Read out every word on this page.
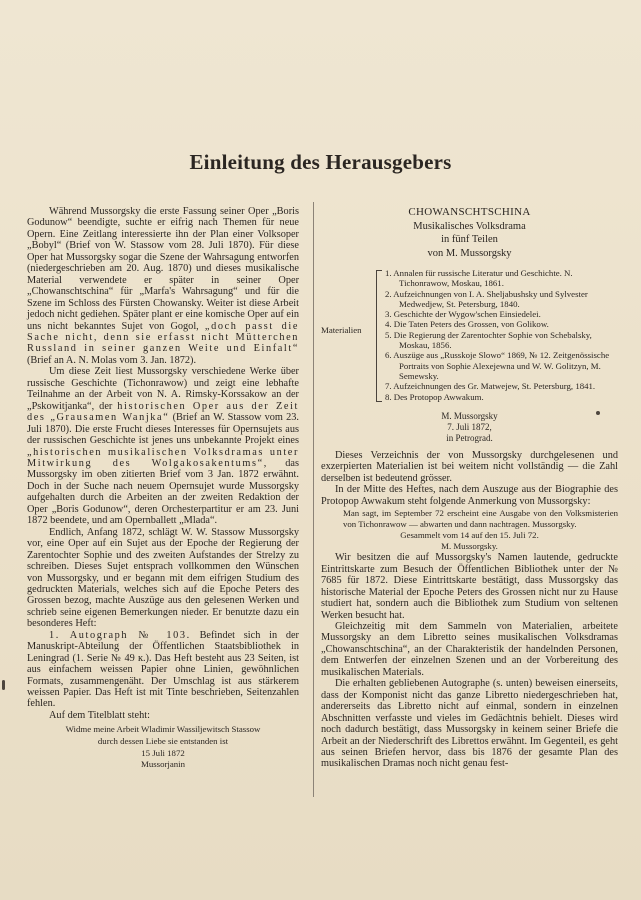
Einleitung des Herausgebers

Während Mussorgsky die erste Fassung seiner Oper „Boris Godunow“ beendigte, suchte er eifrig nach Themen für neue Opern. Eine Zeitlang interessierte ihn der Plan einer Volksoper „Bobyl“ (Brief von W. Stassow vom 28. Juli 1870). Für diese Oper hat Mussorgsky sogar die Szene der Wahrsagung entworfen (niedergeschrieben am 20. Aug. 1870) und dieses musikalische Material verwendete er später in seiner Oper „Chowanschtschina“ für „Marfa's Wahrsagung“ und für die Szene im Schloss des Fürsten Chowansky. Weiter ist diese Arbeit jedoch nicht gediehen. Später plant er eine komische Oper auf ein uns nicht bekanntes Sujet von Gogol, „doch passt die Sache nicht, denn sie erfasst nicht Mütterchen Russland in seiner ganzen Weite und Einfalt“ (Brief an A. N. Molas vom 3. Jan. 1872).

Um diese Zeit liest Mussorgsky verschiedene Werke über russische Geschichte (Tichonrawow) und zeigt eine lebhafte Teilnahme an der Arbeit von N. A. Rimsky-Korssakow an der „Pskowitjanka“, der historischen Oper aus der Zeit des „Grausamen Wanjka“ (Brief an W. Stassow vom 23. Juli 1870). Die erste Frucht dieses Interesses für Opernsujets aus der russischen Geschichte ist jenes uns unbekannte Projekt eines „historischen musikalischen Volksdramas unter Mitwirkung des Wolgakosakentums“, das Mussorgsky im oben zitierten Brief vom 3 Jan. 1872 erwähnt. Doch in der Suche nach neuem Opernsujet wurde Mussorgsky aufgehalten durch die Arbeiten an der zweiten Redaktion der Oper „Boris Godunow“, deren Orchesterpartitur er am 23. Juni 1872 beendete, und am Opernballett „Mlada“.

Endlich, Anfang 1872, schlägt W. W. Stassow Mussorgsky vor, eine Oper auf ein Sujet aus der Epoche der Regierung der Zarentochter Sophie und des zweiten Aufstandes der Strelzy zu schreiben. Dieses Sujet entsprach vollkommen den Wünschen von Mussorgsky, und er begann mit dem eifrigen Studium des gedruckten Materials, welches sich auf die Epoche Peters des Grossen bezog, machte Auszüge aus den gelesenen Werken und schrieb seine eigenen Bemerkungen nieder. Er benutzte dazu ein besonderes Heft:

1. Autograph № 103. Befindet sich in der Manuskript-Abteilung der Öffentlichen Staatsbibliothek in Leningrad (1. Serie № 49 к.). Das Heft besteht aus 23 Seiten, ist aus einfachem weissen Papier ohne Linien, gewöhnlichen Formats, zusammengenäht. Der Umschlag ist aus stärkerem weissen Papier. Das Heft ist mit Tinte beschrieben, Seitenzahlen fehlen.

Auf dem Titelblatt steht:

Widme meine Arbeit Wladimir Wassiljewitsch Stassow
durch dessen Liebe sie entstanden ist
15 Juli 1872
Mussorjanin
CHOWANSCHTSCHINA
Musikalisches Volksdrama
in fünf Teilen
von M. Mussorgsky
Materialien
1. Annalen für russische Literatur und Geschichte. N. Tichonrawow, Moskau, 1861.
2. Aufzeichnungen von I. A. Sheljabushsky und Sylvester Medwedjew, St. Petersburg, 1840.
3. Geschichte der Wygow'schen Einsiedelei.
4. Die Taten Peters des Grossen, von Golikow.
5. Die Regierung der Zarentochter Sophie von Schebalsky, Moskau, 1856.
6. Auszüge aus „Russkoje Slowo“ 1869, № 12. Zeitgenössische Portraits von Sophie Alexejewna und W. W. Golitzyn, M. Semewsky.
7. Aufzeichnungen des Gr. Matwejew, St. Petersburg, 1841.
8. Des Protopop Awwakum.
M. Mussorgsky
7. Juli 1872,
in Petrograd.

Dieses Verzeichnis der von Mussorgsky durchgelesenen und exzerpierten Materialien ist bei weitem nicht vollständig — die Zahl derselben ist bedeutend grösser.

In der Mitte des Heftes, nach dem Auszuge aus der Biographie des Protopop Awwakum steht folgende Anmerkung von Mussorgsky:

Man sagt, im September 72 erscheint eine Ausgabe von den Volksmisterien von Tichonrawow — abwarten und dann nachtragen. Mussorgsky.
Gesammelt vom 14 auf den 15. Juli 72.
M. Mussorgsky.

Wir besitzen die auf Mussorgsky's Namen lautende, gedruckte Eintrittskarte zum Besuch der Öffentlichen Bibliothek unter der № 7685 für 1872. Diese Eintrittskarte bestätigt, dass Mussorgsky das historische Material der Epoche Peters des Grossen nicht nur zu Hause studiert hat, sondern auch die Bibliothek zum Studium von seltenen Werken besucht hat.

Gleichzeitig mit dem Sammeln von Materialien, arbeitete Mussorgsky an dem Libretto seines musikalischen Volksdramas „Chowanschtschina“, an der Charakteristik der handelnden Personen, dem Entwerfen der einzelnen Szenen und an der Vorbereitung des musikalischen Materials.

Die erhalten gebliebenen Autographe (s. unten) beweisen einerseits, dass der Komponist nicht das ganze Libretto niedergeschrieben hat, andererseits das Libretto nicht auf einmal, sondern in einzelnen Abschnitten verfasste und vieles im Gedächtnis behielt. Dieses wird noch dadurch bestätigt, dass Mussorgsky in keinem seiner Briefe die Arbeit an der Niederschrift des Librettos erwähnt. Im Gegenteil, es geht aus seinen Briefen hervor, dass bis 1876 der gesamte Plan des musikalischen Dramas noch nicht genau fest-
